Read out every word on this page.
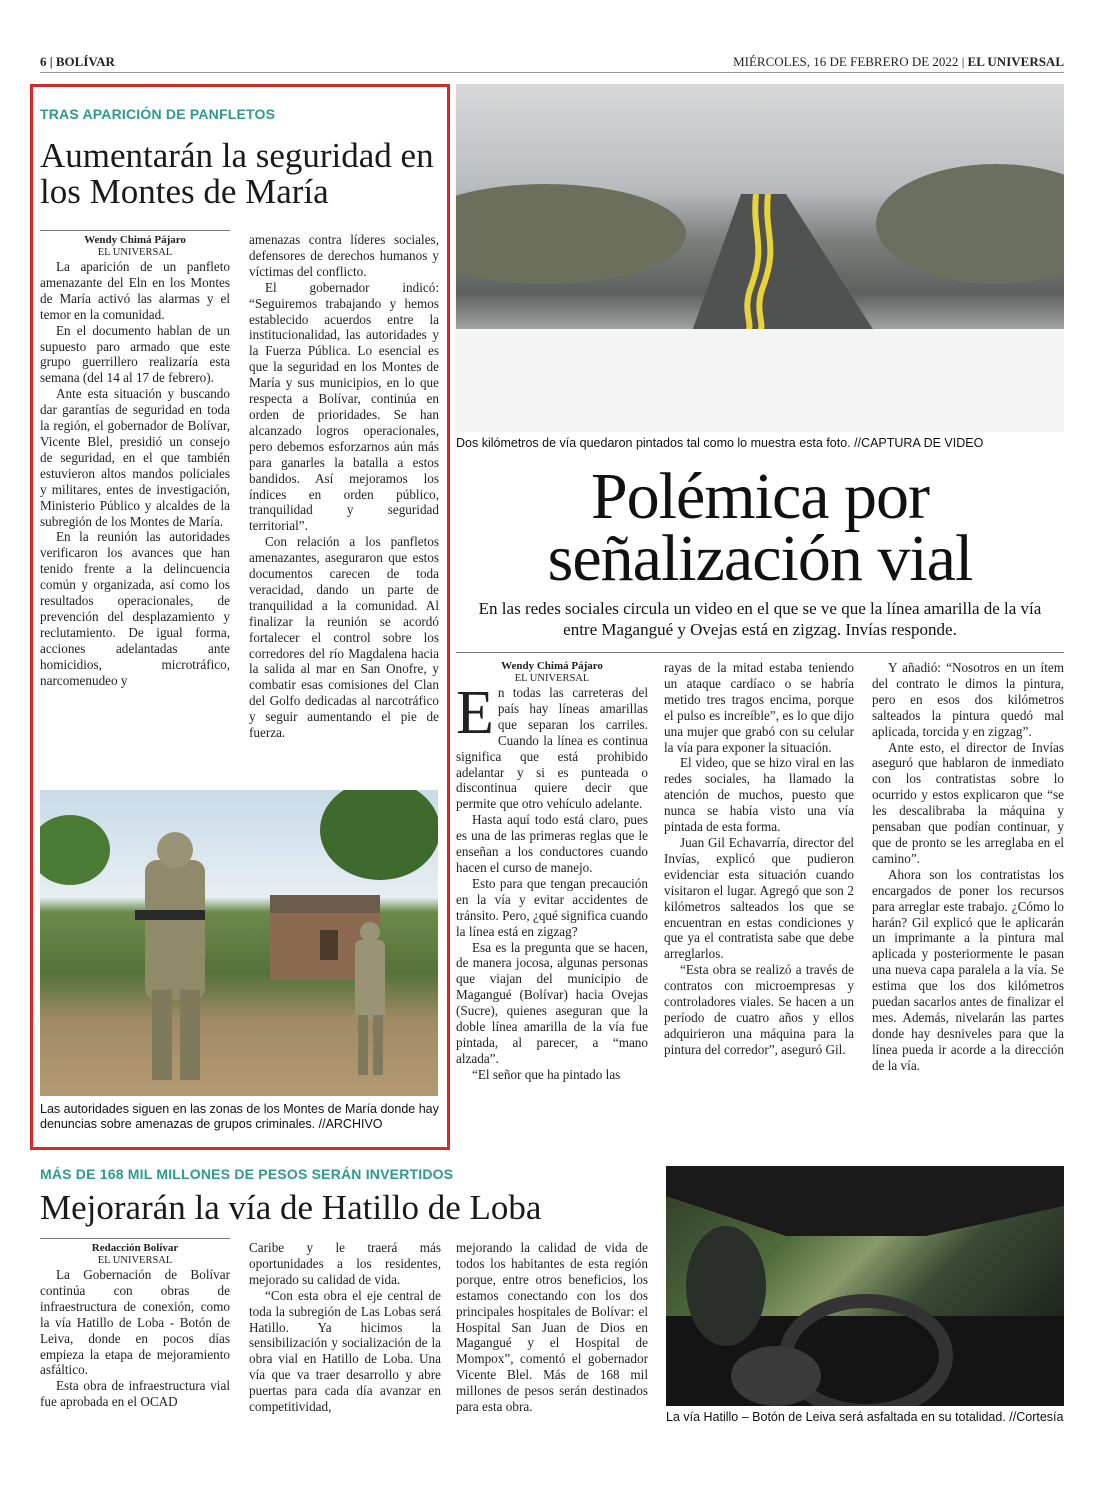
6 | BOLÍVAR	MIÉRCOLES, 16 DE FEBRERO DE 2022 | EL UNIVERSAL
TRAS APARICIÓN DE PANFLETOS
Aumentarán la seguridad en los Montes de María
Wendy Chimá Pájaro
EL UNIVERSAL

La aparición de un panfleto amenazante del Eln en los Montes de María activó las alarmas y el temor en la comunidad.

En el documento hablan de un supuesto paro armado que este grupo guerrillero realizaría esta semana (del 14 al 17 de febrero).

Ante esta situación y buscando dar garantías de seguridad en toda la región, el gobernador de Bolívar, Vicente Blel, presidió un consejo de seguridad, en el que también estuvieron altos mandos policiales y militares, entes de investigación, Ministerio Público y alcaldes de la subregión de los Montes de María.

En la reunión las autoridades verificaron los avances que han tenido frente a la delincuencia común y organizada, así como los resultados operacionales, de prevención del desplazamiento y reclutamiento. De igual forma, acciones adelantadas ante homicidios, microtráfico, narcomenudeo y

amenazas contra líderes sociales, defensores de derechos humanos y víctimas del conflicto.

El gobernador indicó: “Seguiremos trabajando y hemos establecido acuerdos entre la institucionalidad, las autoridades y la Fuerza Pública. Lo esencial es que la seguridad en los Montes de María y sus municipios, en lo que respecta a Bolívar, continúa en orden de prioridades. Se han alcanzado logros operacionales, pero debemos esforzarnos aún más para ganarles la batalla a estos bandidos. Así mejoramos los índices en orden público, tranquilidad y seguridad territorial”.

Con relación a los panfletos amenazantes, aseguraron que estos documentos carecen de toda veracidad, dando un parte de tranquilidad a la comunidad. Al finalizar la reunión se acordó fortalecer el control sobre los corredores del río Magdalena hacia la salida al mar en San Onofre, y combatir esas comisiones del Clan del Golfo dedicadas al narcotráfico y seguir aumentando el pie de fuerza.

Las autoridades siguen en las zonas de los Montes de María donde hay denuncias sobre amenazas de grupos criminales. //ARCHIVO
Dos kilómetros de vía quedaron pintados tal como lo muestra esta foto. //CAPTURA DE VIDEO
Polémica por
señalización vial
En las redes sociales circula un video en el que se ve que la línea amarilla de la vía entre Magangué y Ovejas está en zigzag. Invías responde.
Wendy Chimá Pájaro
EL UNIVERSAL

En todas las carreteras del país hay líneas amarillas que separan los carriles. Cuando la línea es continua significa que está prohibido adelantar y si es punteada o discontinua quiere decir que permite que otro vehículo adelante.

Hasta aquí todo está claro, pues es una de las primeras reglas que le enseñan a los conductores cuando hacen el curso de manejo.

Esto para que tengan precaución en la vía y evitar accidentes de tránsito. Pero, ¿qué significa cuando la línea está en zigzag?

Esa es la pregunta que se hacen, de manera jocosa, algunas personas que viajan del municipio de Magangué (Bolívar) hacia Ovejas (Sucre), quienes aseguran que la doble línea amarilla de la vía fue pintada, al parecer, a “mano alzada”.

“El señor que ha pintado las

rayas de la mitad estaba teniendo un ataque cardíaco o se habría metido tres tragos encima, porque el pulso es increíble”, es lo que dijo una mujer que grabó con su celular la vía para exponer la situación.

El video, que se hizo viral en las redes sociales, ha llamado la atención de muchos, puesto que nunca se había visto una vía pintada de esta forma.

Juan Gil Echavarría, director del Invías, explicó que pudieron evidenciar esta situación cuando visitaron el lugar. Agregó que son 2 kilómetros salteados los que se encuentran en estas condiciones y que ya el contratista sabe que debe arreglarlos.

“Esta obra se realizó a través de contratos con microempresas y controladores viales. Se hacen a un período de cuatro años y ellos adquirieron una máquina para la pintura del corredor”, aseguró Gil.

Y añadió: “Nosotros en un ítem del contrato le dimos la pintura, pero en esos dos kilómetros salteados la pintura quedó mal aplicada, torcida y en zigzag”.

Ante esto, el director de Invías aseguró que hablaron de inmediato con los contratistas sobre lo ocurrido y estos explicaron que “se les descalibraba la máquina y pensaban que podían continuar, y que de pronto se les arreglaba en el camino”.

Ahora son los contratistas los encargados de poner los recursos para arreglar este trabajo. ¿Cómo lo harán? Gil explicó que le aplicarán un imprimante a la pintura mal aplicada y posteriormente le pasan una nueva capa paralela a la vía. Se estima que los dos kilómetros puedan sacarlos antes de finalizar el mes. Además, nivelarán las partes donde hay desniveles para que la línea pueda ir acorde a la dirección de la vía.

MÁS DE 168 MIL MILLONES DE PESOS SERÁN INVERTIDOS
Mejorarán la vía de Hatillo de Loba
Redacción Bolívar
EL UNIVERSAL

La Gobernación de Bolívar continúa con obras de infraestructura de conexión, como la vía Hatillo de Loba - Botón de Leiva, donde en pocos días empieza la etapa de mejoramiento asfáltico.

Esta obra de infraestructura vial fue aprobada en el OCAD

Caribe y le traerá más oportunidades a los residentes, mejorado su calidad de vida.

“Con esta obra el eje central de toda la subregión de Las Lobas será Hatillo. Ya hicimos la sensibilización y socialización de la obra vial en Hatillo de Loba. Una vía que va traer desarrollo y abre puertas para cada día avanzar en competitividad,

mejorando la calidad de vida de todos los habitantes de esta región porque, entre otros beneficios, los estamos conectando con los dos principales hospitales de Bolívar: el Hospital San Juan de Dios en Magangué y el Hospital de Mompox”, comentó el gobernador Vicente Blel. Más de 168 mil millones de pesos serán destinados para esta obra.

La vía Hatillo – Botón de Leiva será asfaltada en su totalidad. //Cortesía
